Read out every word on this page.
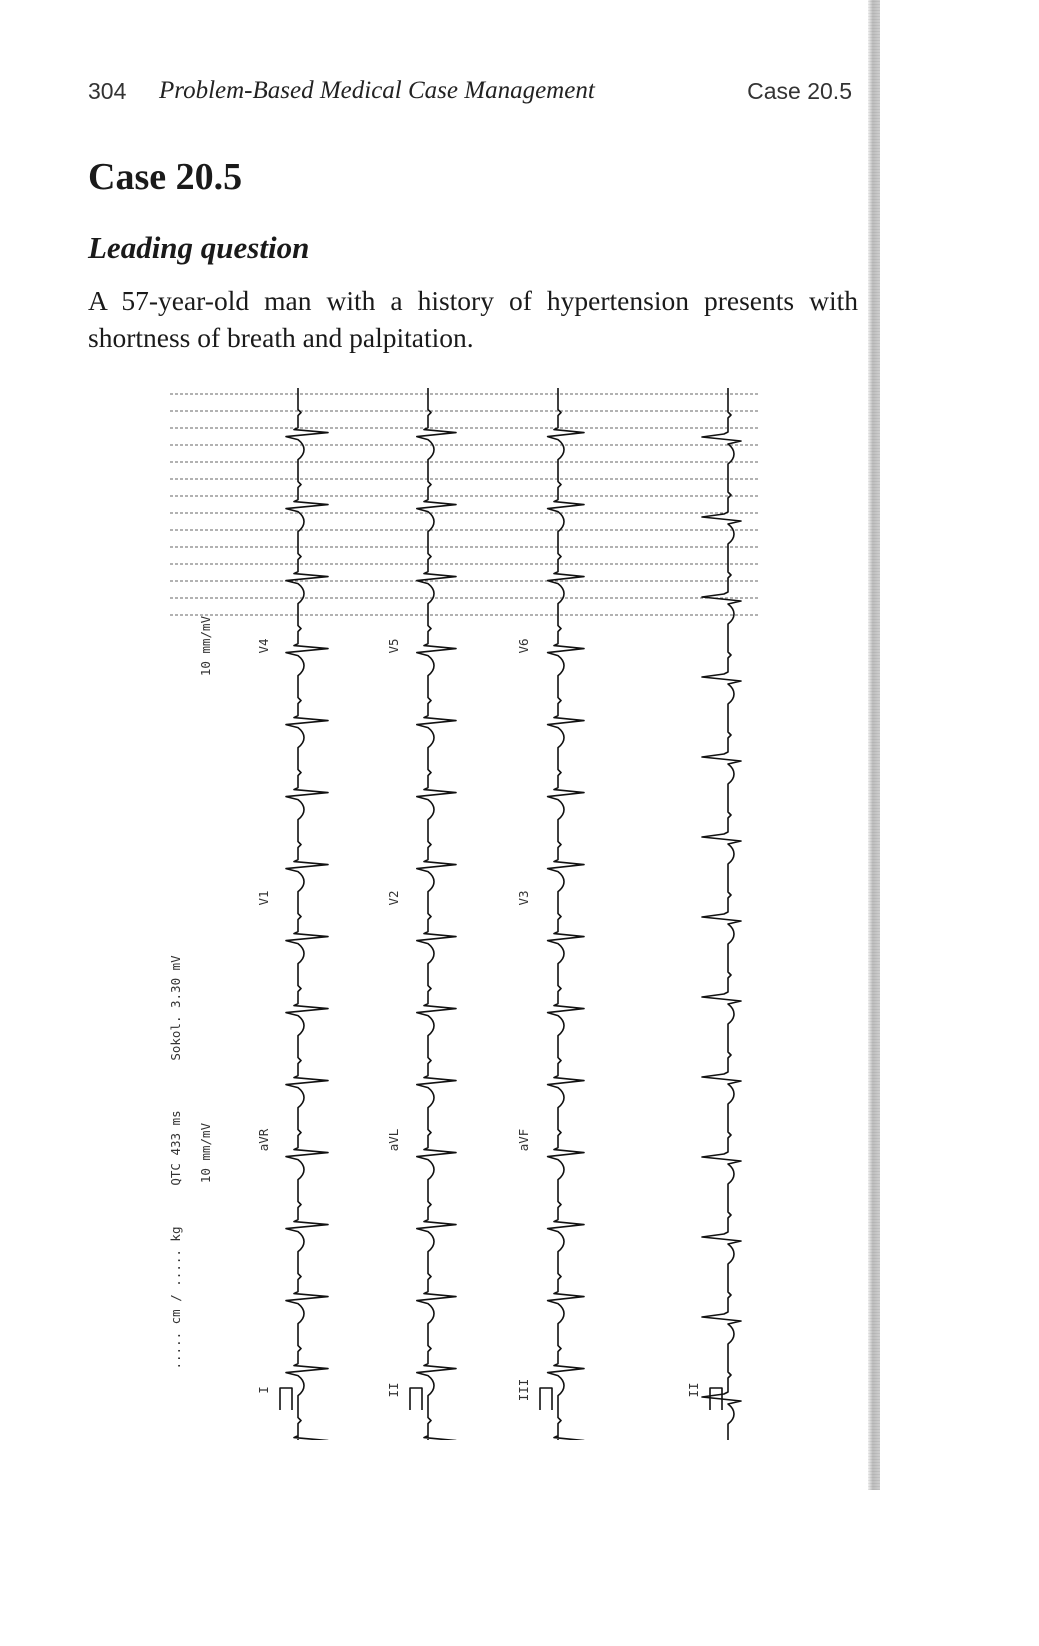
304 Problem-Based Medical Case Management	Case 20.5
Case 20.5
Leading question

A 57-year-old man with a history of hypertension presents with shortness of breath and palpitation.

I
aVR
V1
V4
II
aVL
V2
V5
III
aVF
V3
V6
II
..... cm / ..... kg
QTC 433 ms
Sokol. 3.30 mV
10 mm/mV
10 mm/mV
